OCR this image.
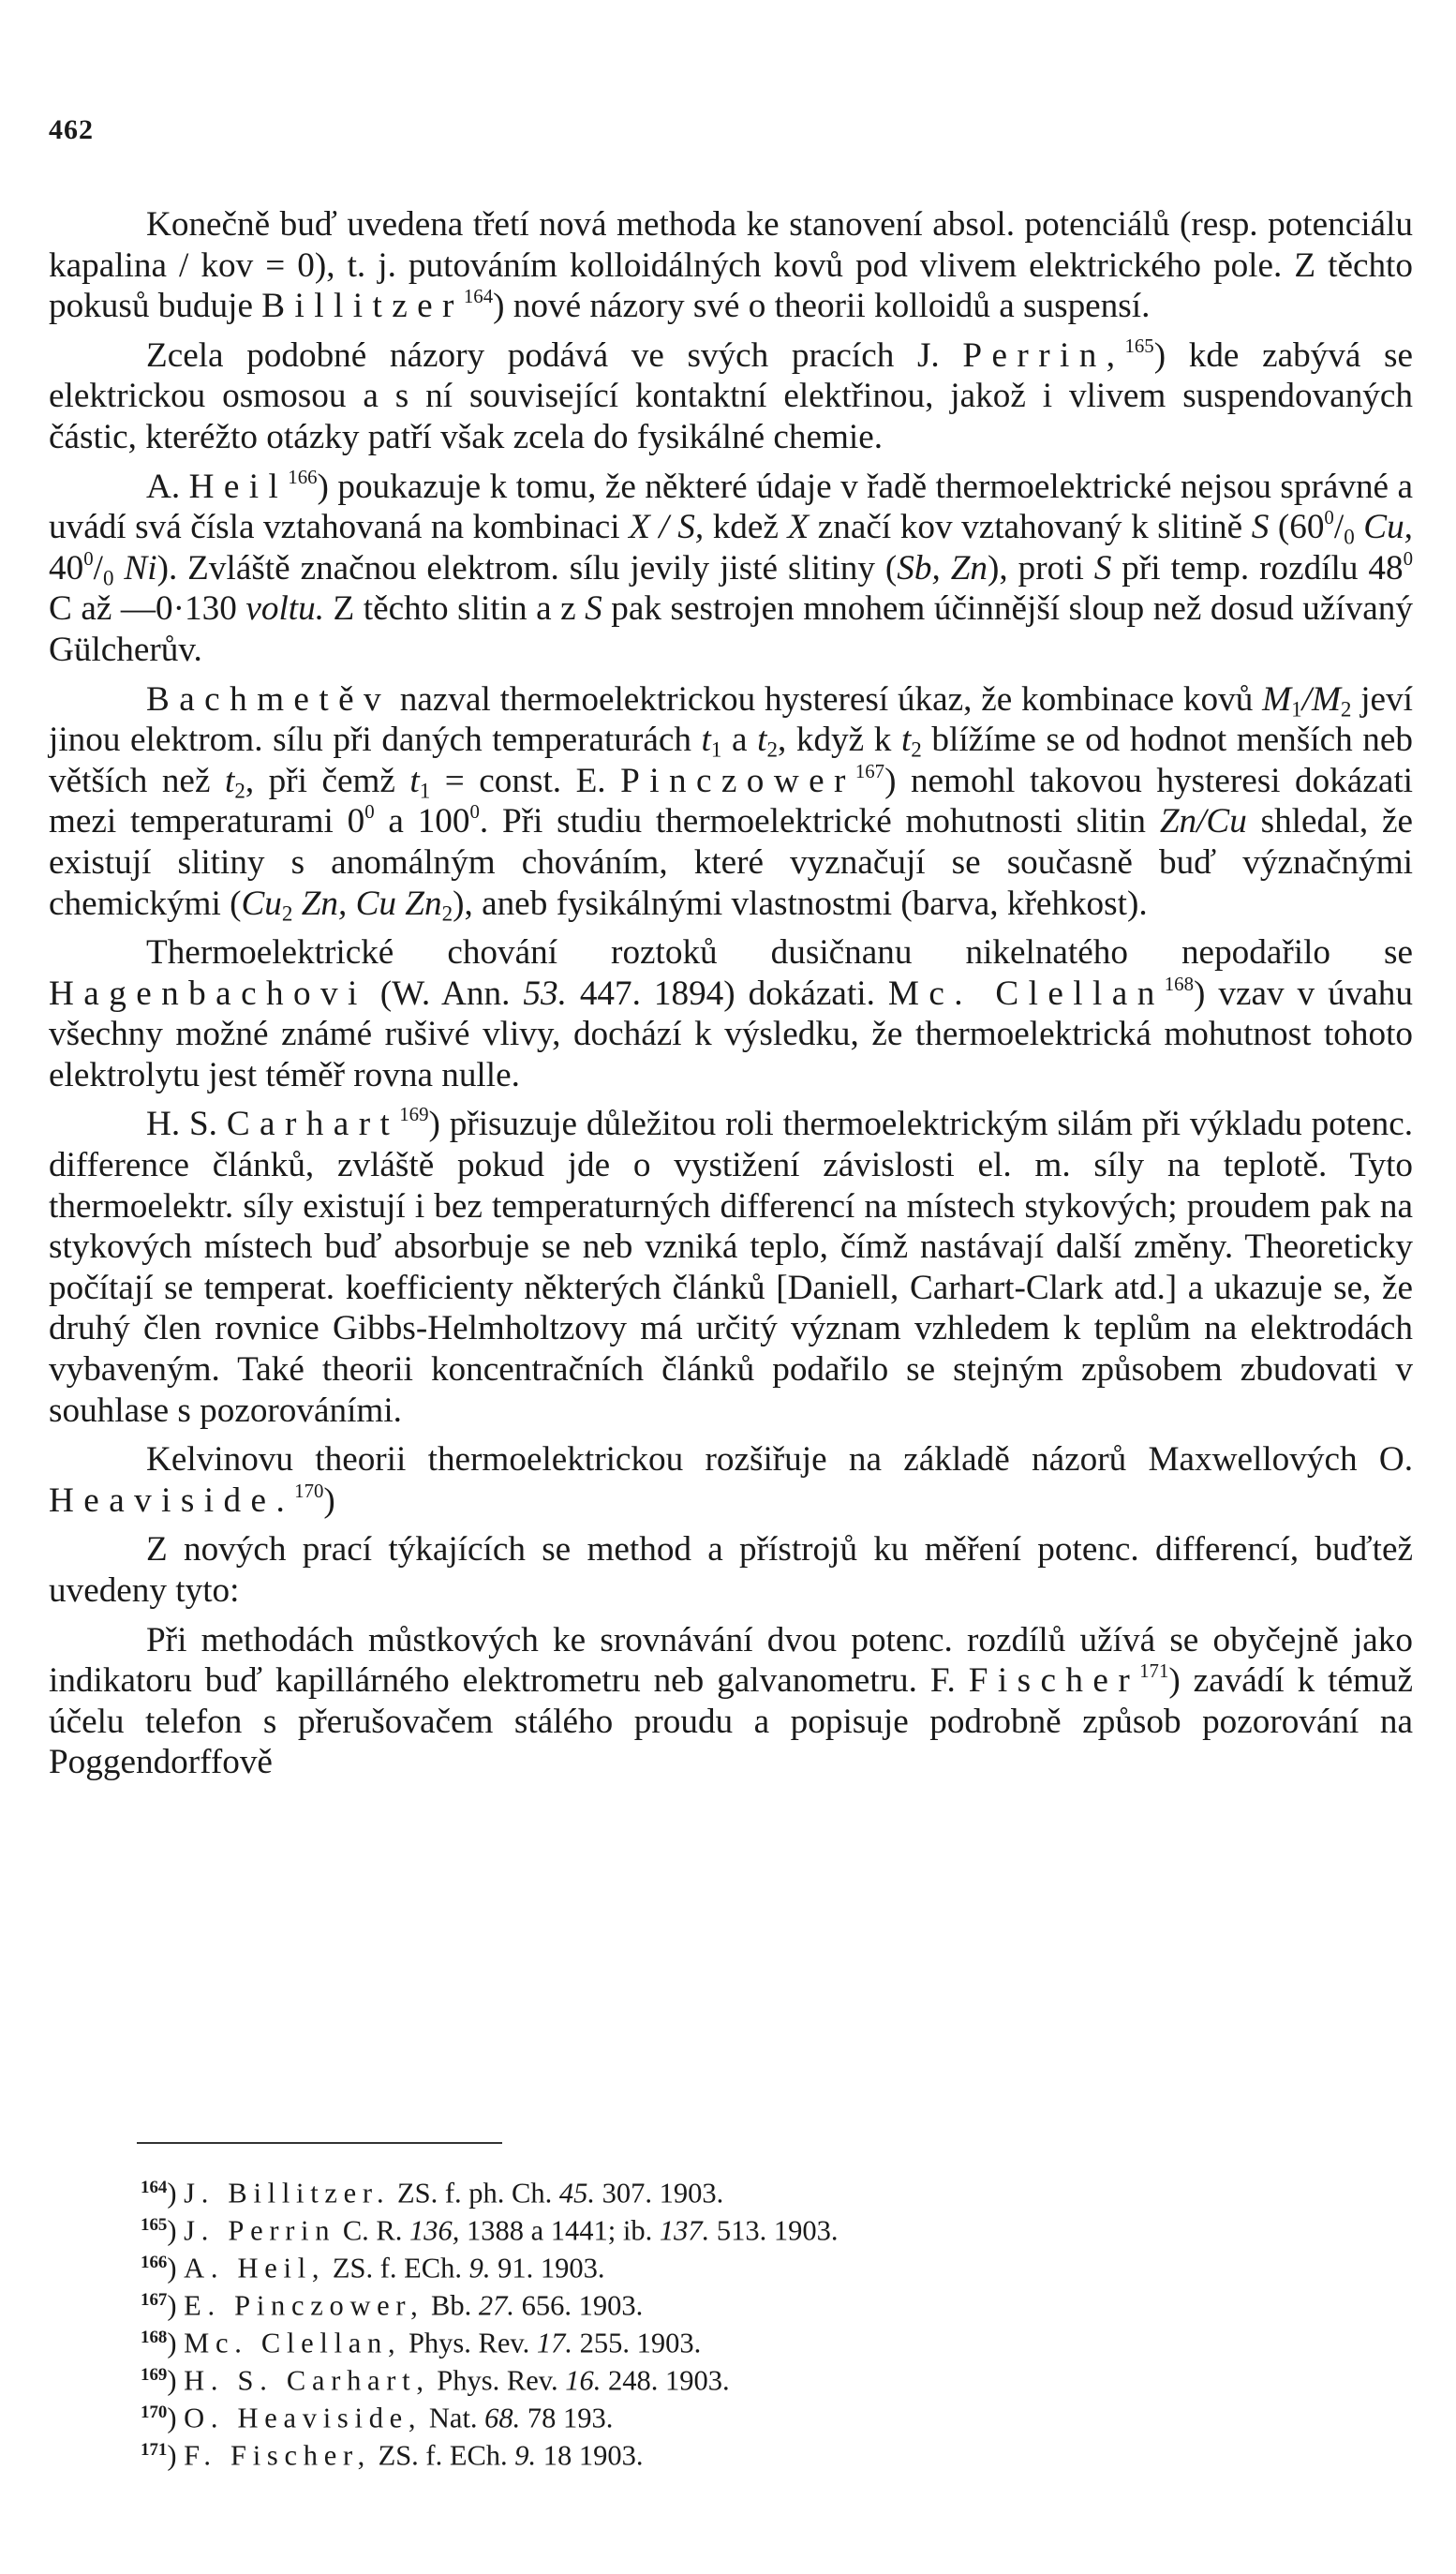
462

Konečně buď uvedena třetí nová methoda ke stanovení absol. potenciálů (resp. potenciálu kapalina / kov = 0), t. j. putováním kolloidálných kovů pod vlivem elektrického pole. Z těchto pokusů buduje Billitzer$^{164}$) nové názory své o theorii kolloidů a suspensí.

Zcela podobné názory podává ve svých pracích J. Perrin,$^{165}$) kde zabývá se elektrickou osmosou a s ní související kontaktní elektřinou, jakož i vlivem suspendovaných částic, kteréžto otázky patří však zcela do fysikálné chemie.

A. Heil$^{166}$) poukazuje k tomu, že některé údaje v řadě thermoelektrické nejsou správné a uvádí svá čísla vztahovaná na kombinaci X / S, kdež X značí kov vztahovaný k slitině S ($60^0/_0$ Cu, $40^0/_0$ Ni). Zvláště značnou elektrom. sílu jevily jisté slitiny (Sb, Zn), proti S při temp. rozdílu $48^0$ C až —0·130 voltu. Z těchto slitin a z S pak sestrojen mnohem účinnější sloup než dosud užívaný Gülcherův.

Bachmetěv nazval thermoelektrickou hysteresí úkaz, že kombinace kovů $M_1/M_2$ jeví jinou elektrom. sílu při daných temperaturách $t_1$ a $t_2$, když k $t_2$ blížíme se od hodnot menších neb větších než $t_2$, při čemž $t_1$ = const. E. Pinczower$^{167}$) nemohl takovou hysteresi dokázati mezi temperaturami $0^0$ a $100^0$. Při studiu thermoelektrické mohutnosti slitin Zn/Cu shledal, že existují slitiny s anomálným chováním, které vyznačují se současně buď význačnými chemickými ($Cu_2$ Zn, Cu $Zn_2$), aneb fysikálnými vlastnostmi (barva, křehkost).

Thermoelektrické chování roztoků dusičnanu nikelnatého nepodařilo se Hagenbachovi (W. Ann. 53. 447. 1894) dokázati. Mc. Clellan$^{168}$) vzav v úvahu všechny možné známé rušivé vlivy, dochází k výsledku, že thermoelektrická mohutnost tohoto elektrolytu jest téměř rovna nulle.

H. S. Carhart$^{169}$) přisuzuje důležitou roli thermoelektrickým silám při výkladu potenc. difference článků, zvláště pokud jde o vystižení závislosti el. m. síly na teplotě. Tyto thermoelektr. síly existují i bez temperaturných differencí na místech stykových; proudem pak na stykových místech buď absorbuje se neb vzniká teplo, čímž nastávají další změny. Theoreticky počítají se temperat. koefficienty některých článků [Daniell, Carhart-Clark atd.] a ukazuje se, že druhý člen rovnice Gibbs-Helmholtzovy má určitý význam vzhledem k teplům na elektrodách vybaveným. Také theorii koncentračních článků podařilo se stejným způsobem zbudovati v souhlase s pozorováními.

Kelvinovu theorii thermoelektrickou rozšiřuje na základě názorů Maxwellových O. Heaviside.$^{170}$)

Z nových prací týkajících se method a přístrojů ku měření potenc. differencí, buďtež uvedeny tyto:

Při methodách můstkových ke srovnávání dvou potenc. rozdílů užívá se obyčejně jako indikatoru buď kapillárného elektrometru neb galvanometru. F. Fischer$^{171}$) zavádí k témuž účelu telefon s přerušovačem stálého proudu a popisuje podrobně způsob pozorování na Poggendorffově

$^{164}$) J. Billitzer. ZS. f. ph. Ch. 45. 307. 1903.
$^{165}$) J. Perrin C. R. 136, 1388 a 1441; ib. 137. 513. 1903.
$^{166}$) A. Heil, ZS. f. ECh. 9. 91. 1903.
$^{167}$) E. Pinczower, Bb. 27. 656. 1903.
$^{168}$) Mc. Clellan, Phys. Rev. 17. 255. 1903.
$^{169}$) H. S. Carhart, Phys. Rev. 16. 248. 1903.
$^{170}$) O. Heaviside, Nat. 68. 78 193.
$^{171}$) F. Fischer, ZS. f. ECh. 9. 18 1903.
